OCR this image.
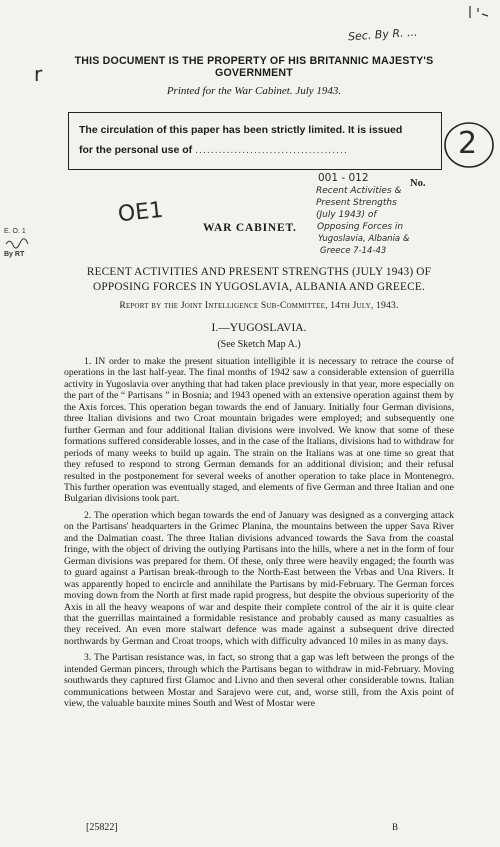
Sec. By R. ...
r
2
E. O. 1
By RT
OE1
001 - 012
Recent Activities &
Present Strengths
(July 1943) of
Opposing Forces in
Yugoslavia, Albania &
Greece 7-14-43
THIS DOCUMENT IS THE PROPERTY OF HIS BRITANNIC MAJESTY'S GOVERNMENT
Printed for the War Cabinet. July 1943.
The circulation of this paper has been strictly limited. It is issued
for the personal use of .......................................
No.
WAR CABINET.
RECENT ACTIVITIES AND PRESENT STRENGTHS (JULY 1943) OF
OPPOSING FORCES IN YUGOSLAVIA, ALBANIA AND GREECE.
Report by the Joint Intelligence Sub-Committee, 14th July, 1943.
I.—YUGOSLAVIA.
(See Sketch Map A.)

1. IN order to make the present situation intelligible it is necessary to retrace the course of operations in the last half-year. The final months of 1942 saw a considerable extension of guerrilla activity in Yugoslavia over anything that had taken place previously in that year, more especially on the part of the “ Partisans ” in Bosnia; and 1943 opened with an extensive operation against them by the Axis forces. This operation began towards the end of January. Initially four German divisions, three Italian divisions and two Croat mountain brigades were employed; and subsequently one further German and four additional Italian divisions were involved. We know that some of these formations suffered considerable losses, and in the case of the Italians, divisions had to withdraw for periods of many weeks to build up again. The strain on the Italians was at one time so great that they refused to respond to strong German demands for an additional division; and their refusal resulted in the postponement for several weeks of another operation to take place in Montenegro. This further operation was eventually staged, and elements of five German and three Italian and one Bulgarian divisions took part.

2. The operation which began towards the end of January was designed as a converging attack on the Partisans' headquarters in the Grimec Planina, the mountains between the upper Sava River and the Dalmatian coast. The three Italian divisions advanced towards the Sava from the coastal fringe, with the object of driving the outlying Partisans into the hills, where a net in the form of four German divisions was prepared for them. Of these, only three were heavily engaged; the fourth was to guard against a Partisan break-through to the North-East between the Vrbas and Una Rivers. It was apparently hoped to encircle and annihilate the Partisans by mid-February. The German forces moving down from the North at first made rapid progress, but despite the obvious superiority of the Axis in all the heavy weapons of war and despite their complete control of the air it is quite clear that the guerrillas maintained a formidable resistance and probably caused as many casualties as they received. An even more stalwart defence was made against a subsequent drive directed northwards by German and Croat troops, which with difficulty advanced 10 miles in as many days.

3. The Partisan resistance was, in fact, so strong that a gap was left between the prongs of the intended German pincers, through which the Partisans began to withdraw in mid-February. Moving southwards they captured first Glamoc and Livno and then several other considerable towns. Italian communications between Mostar and Sarajevo were cut, and, worse still, from the Axis point of view, the valuable bauxite mines South and West of Mostar were

[25822]	B
